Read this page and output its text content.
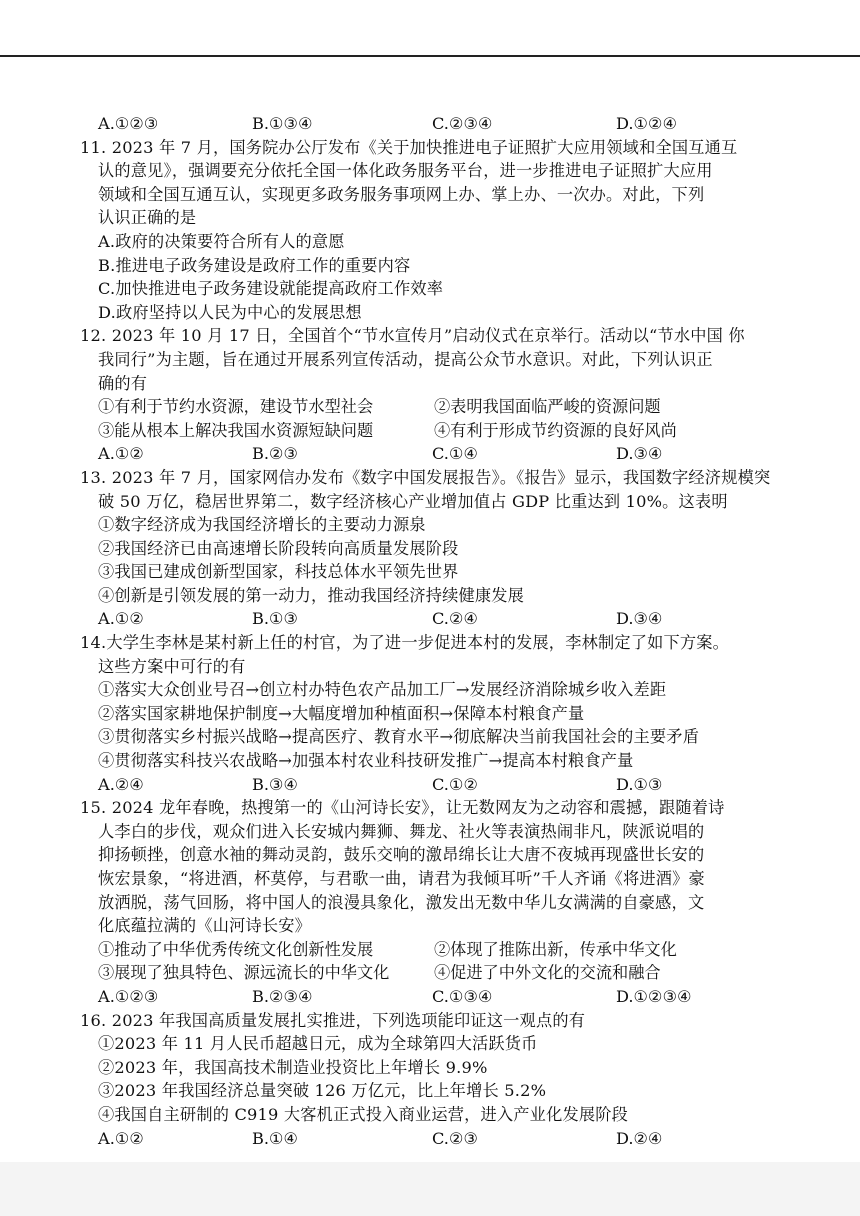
A.①②③	B.①③④	C.②③④	D.①②④
11. 2023 年 7 月，国务院办公厅发布《关于加快推进电子证照扩大应用领域和全国互通互
认的意见》，强调要充分依托全国一体化政务服务平台，进一步推进电子证照扩大应用
领域和全国互通互认，实现更多政务服务事项网上办、掌上办、一次办。对此，下列
认识正确的是
A.政府的决策要符合所有人的意愿
B.推进电子政务建设是政府工作的重要内容
C.加快推进电子政务建设就能提高政府工作效率
D.政府坚持以人民为中心的发展思想
12. 2023 年 10 月 17 日，全国首个“节水宣传月”启动仪式在京举行。活动以“节水中国 你
我同行”为主题，旨在通过开展系列宣传活动，提高公众节水意识。对此，下列认识正
确的有
①有利于节约水资源，建设节水型社会	②表明我国面临严峻的资源问题
③能从根本上解决我国水资源短缺问题	④有利于形成节约资源的良好风尚
A.①②	B.②③	C.①④	D.③④
13. 2023 年 7 月，国家网信办发布《数字中国发展报告》。《报告》显示，我国数字经济规模突
破 50 万亿，稳居世界第二，数字经济核心产业增加值占 GDP 比重达到 10%。这表明
①数字经济成为我国经济增长的主要动力源泉
②我国经济已由高速增长阶段转向高质量发展阶段
③我国已建成创新型国家，科技总体水平领先世界
④创新是引领发展的第一动力，推动我国经济持续健康发展
A.①②	B.①③	C.②④	D.③④
14.大学生李林是某村新上任的村官，为了进一步促进本村的发展，李林制定了如下方案。
这些方案中可行的有
①落实大众创业号召→创立村办特色农产品加工厂→发展经济消除城乡收入差距
②落实国家耕地保护制度→大幅度增加种植面积→保障本村粮食产量
③贯彻落实乡村振兴战略→提高医疗、教育水平→彻底解决当前我国社会的主要矛盾
④贯彻落实科技兴农战略→加强本村农业科技研发推广→提高本村粮食产量
A.②④	B.③④	C.①②	D.①③
15. 2024 龙年春晚，热搜第一的《山河诗长安》，让无数网友为之动容和震撼，跟随着诗
人李白的步伐，观众们进入长安城内舞狮、舞龙、社火等表演热闹非凡，陕派说唱的
抑扬顿挫，创意水袖的舞动灵韵，鼓乐交响的激昂绵长让大唐不夜城再现盛世长安的
恢宏景象，“将进酒，杯莫停，与君歌一曲，请君为我倾耳听”千人齐诵《将进酒》豪
放洒脱，荡气回肠，将中国人的浪漫具象化，激发出无数中华儿女满满的自豪感，文
化底蕴拉满的《山河诗长安》
①推动了中华优秀传统文化创新性发展	②体现了推陈出新，传承中华文化
③展现了独具特色、源远流长的中华文化	④促进了中外文化的交流和融合
A.①②③	B.②③④	C.①③④	D.①②③④
16. 2023 年我国高质量发展扎实推进，下列选项能印证这一观点的有
①2023 年 11 月人民币超越日元，成为全球第四大活跃货币
②2023 年，我国高技术制造业投资比上年增长 9.9%
③2023 年我国经济总量突破 126 万亿元，比上年增长 5.2%
④我国自主研制的 C919 大客机正式投入商业运营，进入产业化发展阶段
A.①②	B.①④	C.②③	D.②④
